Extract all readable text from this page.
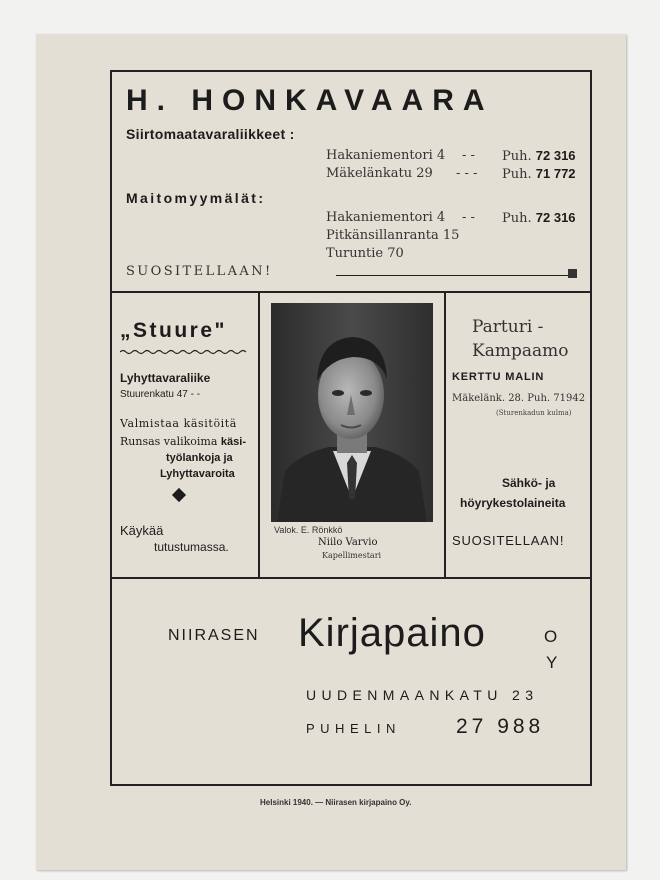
H. HONKAVAARA
Siirtomaatavaraliikkeet :
Hakaniementori 4 - - Puh. 72 316
Mäkelänkatu 29 - - - Puh. 71 772
Maitomyymälät:
Hakaniementori 4 - - Puh. 72 316
Pitkänsillanranta 15
Turuntie 70
SUOSITELLAAN!
„Stuure"
Lyhyttavaraliike
Stuurenkatu 47 - -
Valmistaa käsitöitä
Runsas valikoima käsi-
työlankoja ja
Lyhyttavaroita
Käykää
tutustumassa.
Valok. E. Rönkkö
Niilo Varvio
Kapellimestari
Parturi -
Kampaamo
KERTTU MALIN
Mäkelänk. 28. Puh. 71942
(Sturenkadun kulma)
Sähkö- ja
höyrykestolaineita
SUOSITELLAAN!
NIIRASEN Kirjapaino	O
Y
UUDENMAANKATU 23
PUHELIN	27 988
Helsinki 1940. — Niirasen kirjapaino Oy.
